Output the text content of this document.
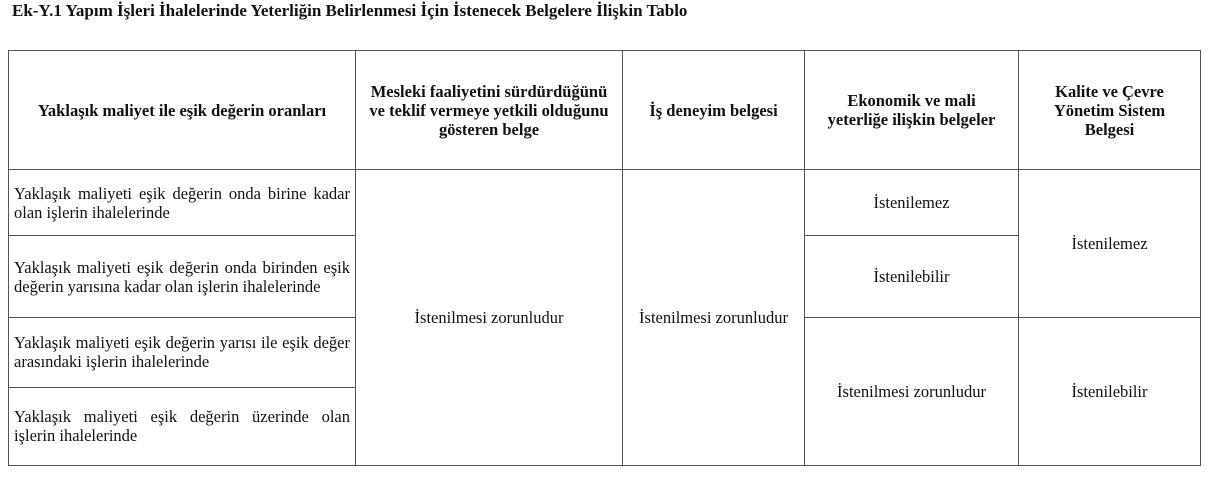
Ek-Y.1 Yapım İşleri İhalelerinde Yeterliğin Belirlenmesi İçin İstenecek Belgelere İlişkin Tablo
Yaklaşık maliyet ile eşik değerin oranları	Mesleki faaliyetini sürdürdüğünü ve teklif vermeye yetkili olduğunu gösteren belge	İş deneyim belgesi	Ekonomik ve mali yeterliğe ilişkin belgeler	Kalite ve Çevre Yönetim Sistem Belgesi
Yaklaşık maliyeti eşik değerin onda birine kadar olan işlerin ihalelerinde	İstenilmesi zorunludur	İstenilmesi zorunludur	İstenilemez	İstenilemez
Yaklaşık maliyeti eşik değerin onda birinden eşik değerin yarısına kadar olan işlerin ihalelerinde			İstenilebilir	
Yaklaşık maliyeti eşik değerin yarısı ile eşik değer arasındaki işlerin ihalelerinde			İstenilmesi zorunludur	İstenilebilir
Yaklaşık maliyeti eşik değerin üzerinde olan işlerin ihalelerinde				
